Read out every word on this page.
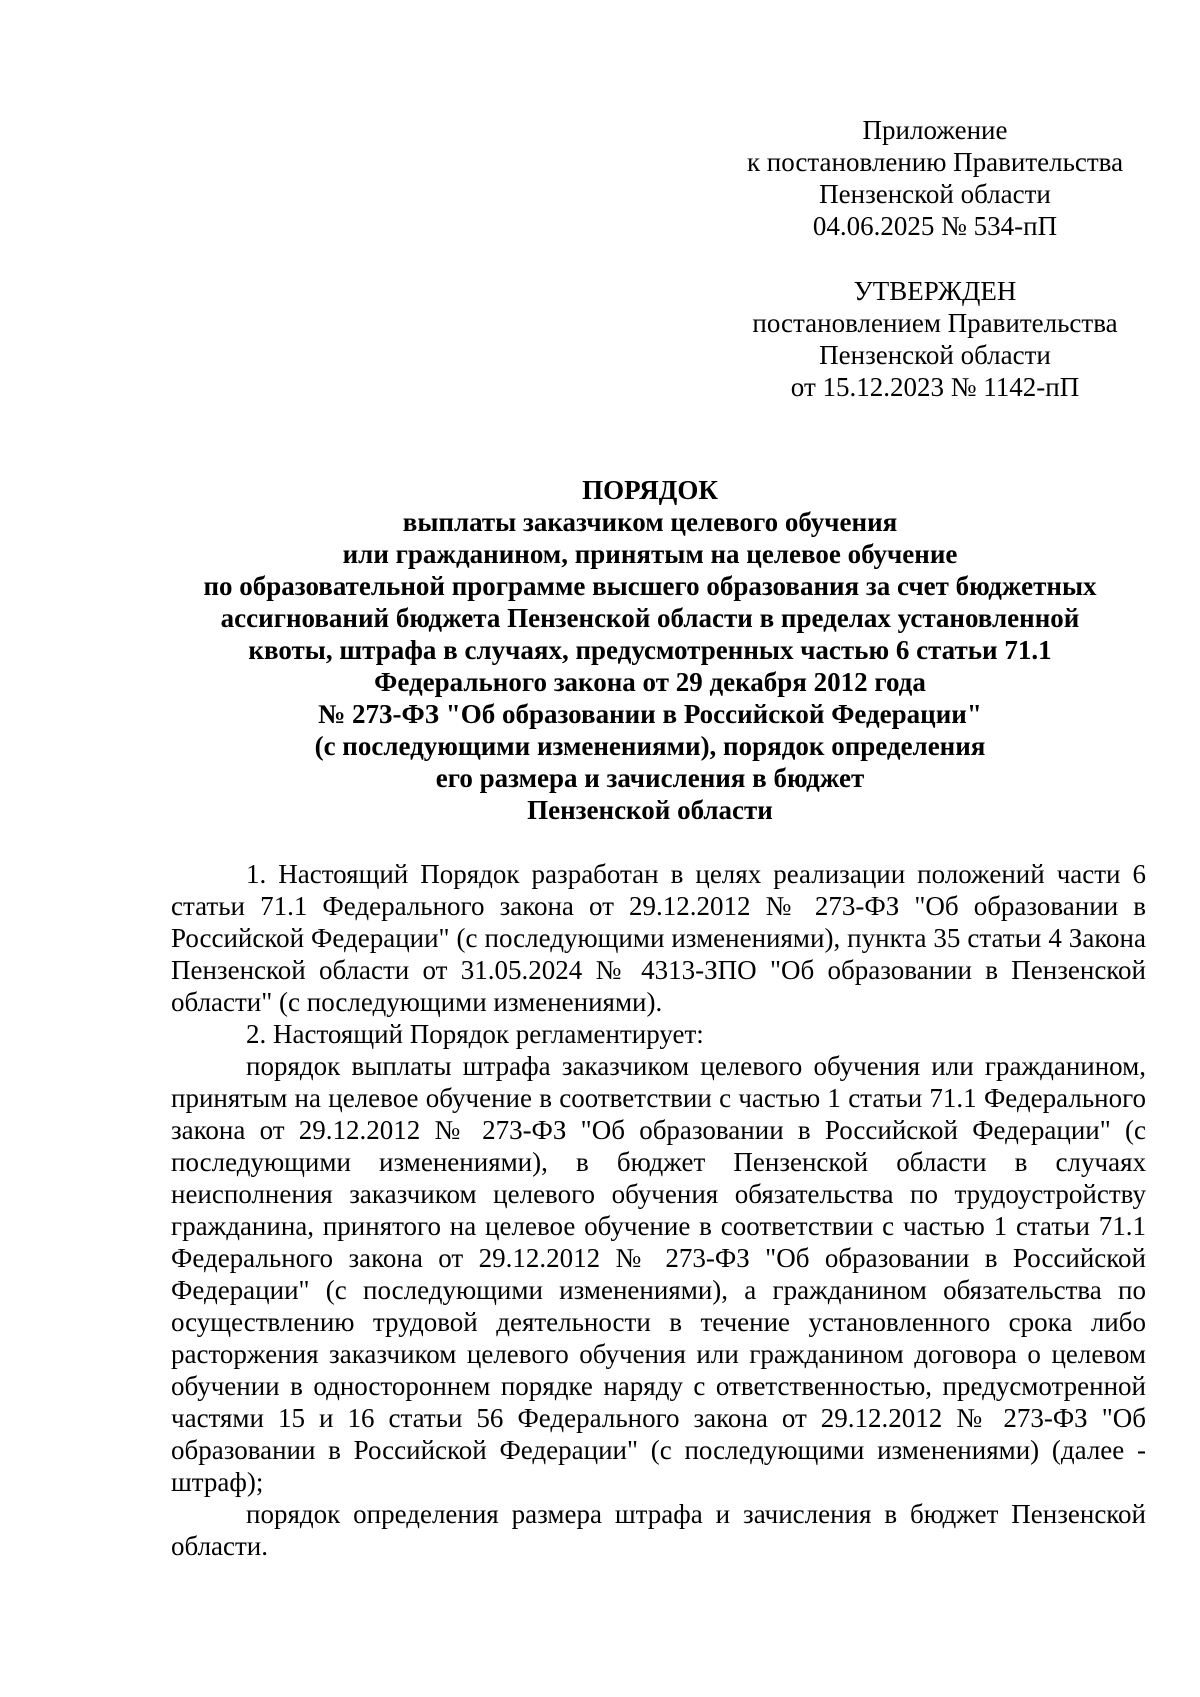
Приложение
к постановлению Правительства
Пензенской области
04.06.2025 № 534-пП
УТВЕРЖДЕН
постановлением Правительства
Пензенской области
от 15.12.2023 № 1142-пП
ПОРЯДОК
выплаты заказчиком целевого обучения
или гражданином, принятым на целевое обучение
по образовательной программе высшего образования за счет бюджетных
ассигнований бюджета Пензенской области в пределах установленной
квоты, штрафа в случаях, предусмотренных частью 6 статьи 71.1
Федерального закона от 29 декабря 2012 года
№ 273-ФЗ "Об образовании в Российской Федерации"
(с последующими изменениями), порядок определения
его размера и зачисления в бюджет
Пензенской области

1. Настоящий Порядок разработан в целях реализации положений части 6 статьи 71.1 Федерального закона от 29.12.2012 № 273-ФЗ "Об образовании в Российской Федерации" (с последующими изменениями), пункта 35 статьи 4 Закона Пензенской области от 31.05.2024 № 4313-ЗПО "Об образовании в Пензенской области" (с последующими изменениями).

2. Настоящий Порядок регламентирует:

порядок выплаты штрафа заказчиком целевого обучения или гражданином, принятым на целевое обучение в соответствии с частью 1 статьи 71.1 Федерального закона от 29.12.2012 № 273-ФЗ "Об образовании в Российской Федерации" (с последующими изменениями), в бюджет Пензенской области в случаях неисполнения заказчиком целевого обучения обязательства по трудоустройству гражданина, принятого на целевое обучение в соответствии с частью 1 статьи 71.1 Федерального закона от 29.12.2012 № 273-ФЗ "Об образовании в Российской Федерации" (с последующими изменениями), а гражданином обязательства по осуществлению трудовой деятельности в течение установленного срока либо расторжения заказчиком целевого обучения или гражданином договора о целевом обучении в одностороннем порядке наряду с ответственностью, предусмотренной частями 15 и 16 статьи 56 Федерального закона от 29.12.2012 № 273-ФЗ "Об образовании в Российской Федерации" (с последующими изменениями) (далее - штраф);

порядок определения размера штрафа и зачисления в бюджет Пензенской области.
